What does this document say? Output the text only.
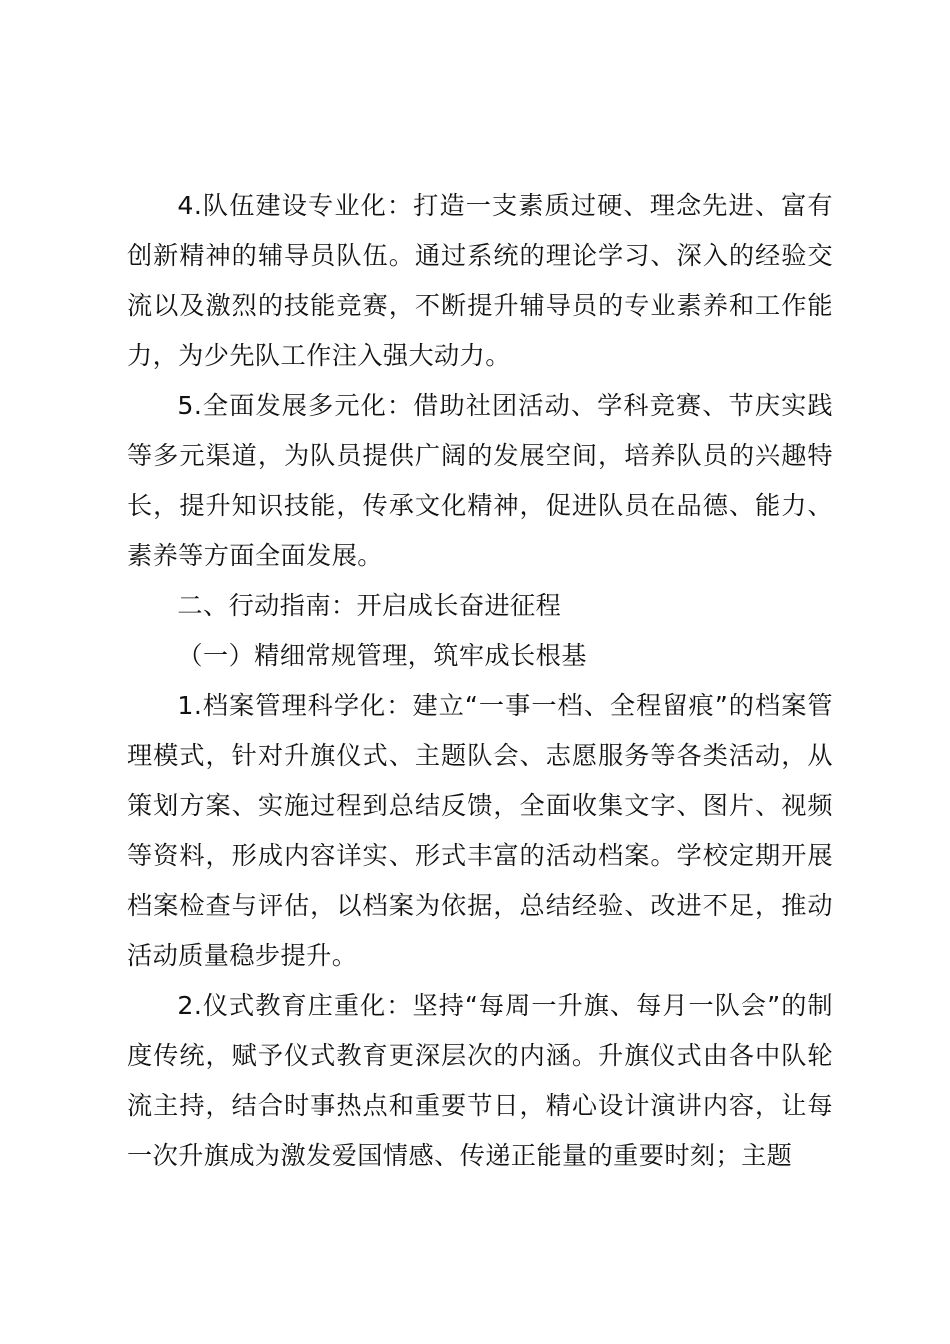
4.队伍建设专业化：打造一支素质过硬、理念先进、富有创新精神的辅导员队伍。通过系统的理论学习、深入的经验交流以及激烈的技能竞赛，不断提升辅导员的专业素养和工作能力，为少先队工作注入强大动力。

5.全面发展多元化：借助社团活动、学科竞赛、节庆实践等多元渠道，为队员提供广阔的发展空间，培养队员的兴趣特长，提升知识技能，传承文化精神，促进队员在品德、能力、素养等方面全面发展。

二、行动指南：开启成长奋进征程

（一）精细常规管理，筑牢成长根基

1.档案管理科学化：建立“一事一档、全程留痕”的档案管理模式，针对升旗仪式、主题队会、志愿服务等各类活动，从策划方案、实施过程到总结反馈，全面收集文字、图片、视频等资料，形成内容详实、形式丰富的活动档案。学校定期开展档案检查与评估，以档案为依据，总结经验、改进不足，推动活动质量稳步提升。

2.仪式教育庄重化：坚持“每周一升旗、每月一队会”的制度传统，赋予仪式教育更深层次的内涵。升旗仪式由各中队轮流主持，结合时事热点和重要节日，精心设计演讲内容，让每一次升旗成为激发爱国情感、传递正能量的重要时刻；主题
